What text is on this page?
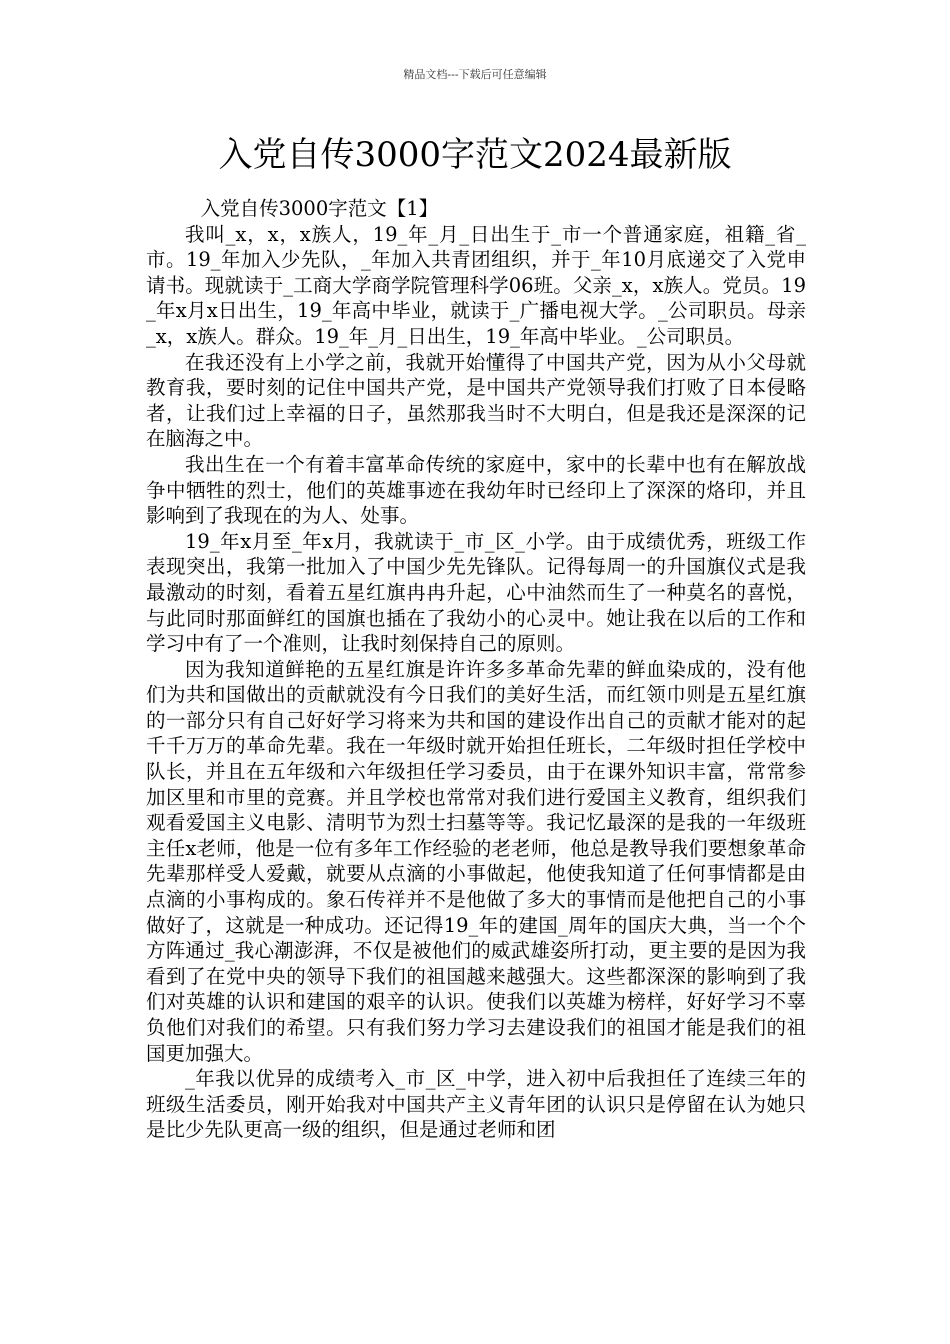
精品文档---下载后可任意编辑
入党自传3000字范文2024最新版

入党自传3000字范文【1】

我叫_x，x，x族人，19_年_月_日出生于_市一个普通家庭，祖籍_省_市。19_年加入少先队，_年加入共青团组织，并于_年10月底递交了入党申请书。现就读于_工商大学商学院管理科学06班。父亲_x，x族人。党员。19_年x月x日出生，19_年高中毕业，就读于_广播电视大学。_公司职员。母亲_x，x族人。群众。19_年_月_日出生，19_年高中毕业。_公司职员。

在我还没有上小学之前，我就开始懂得了中国共产党，因为从小父母就教育我，要时刻的记住中国共产党，是中国共产党领导我们打败了日本侵略者，让我们过上幸福的日子，虽然那我当时不大明白，但是我还是深深的记在脑海之中。

我出生在一个有着丰富革命传统的家庭中，家中的长辈中也有在解放战争中牺牲的烈士，他们的英雄事迹在我幼年时已经印上了深深的烙印，并且影响到了我现在的为人、处事。

19_年x月至_年x月，我就读于_市_区_小学。由于成绩优秀，班级工作表现突出，我第一批加入了中国少先先锋队。记得每周一的升国旗仪式是我最激动的时刻，看着五星红旗冉冉升起，心中油然而生了一种莫名的喜悦，与此同时那面鲜红的国旗也插在了我幼小的心灵中。她让我在以后的工作和学习中有了一个准则，让我时刻保持自己的原则。

因为我知道鲜艳的五星红旗是许许多多革命先辈的鲜血染成的，没有他们为共和国做出的贡献就没有今日我们的美好生活，而红领巾则是五星红旗的一部分只有自己好好学习将来为共和国的建设作出自己的贡献才能对的起千千万万的革命先辈。我在一年级时就开始担任班长，二年级时担任学校中队长，并且在五年级和六年级担任学习委员，由于在课外知识丰富，常常参加区里和市里的竞赛。并且学校也常常对我们进行爱国主义教育，组织我们观看爱国主义电影、清明节为烈士扫墓等等。我记忆最深的是我的一年级班主任x老师，他是一位有多年工作经验的老老师，他总是教导我们要想象革命先辈那样受人爱戴，就要从点滴的小事做起，他使我知道了任何事情都是由点滴的小事构成的。象石传祥并不是他做了多大的事情而是他把自己的小事做好了，这就是一种成功。还记得19_年的建国_周年的国庆大典，当一个个方阵通过_我心潮澎湃，不仅是被他们的威武雄姿所打动，更主要的是因为我看到了在党中央的领导下我们的祖国越来越强大。这些都深深的影响到了我们对英雄的认识和建国的艰辛的认识。使我们以英雄为榜样，好好学习不辜负他们对我们的希望。只有我们努力学习去建设我们的祖国才能是我们的祖国更加强大。

_年我以优异的成绩考入_市_区_中学，进入初中后我担任了连续三年的班级生活委员，刚开始我对中国共产主义青年团的认识只是停留在认为她只是比少先队更高一级的组织，但是通过老师和团
